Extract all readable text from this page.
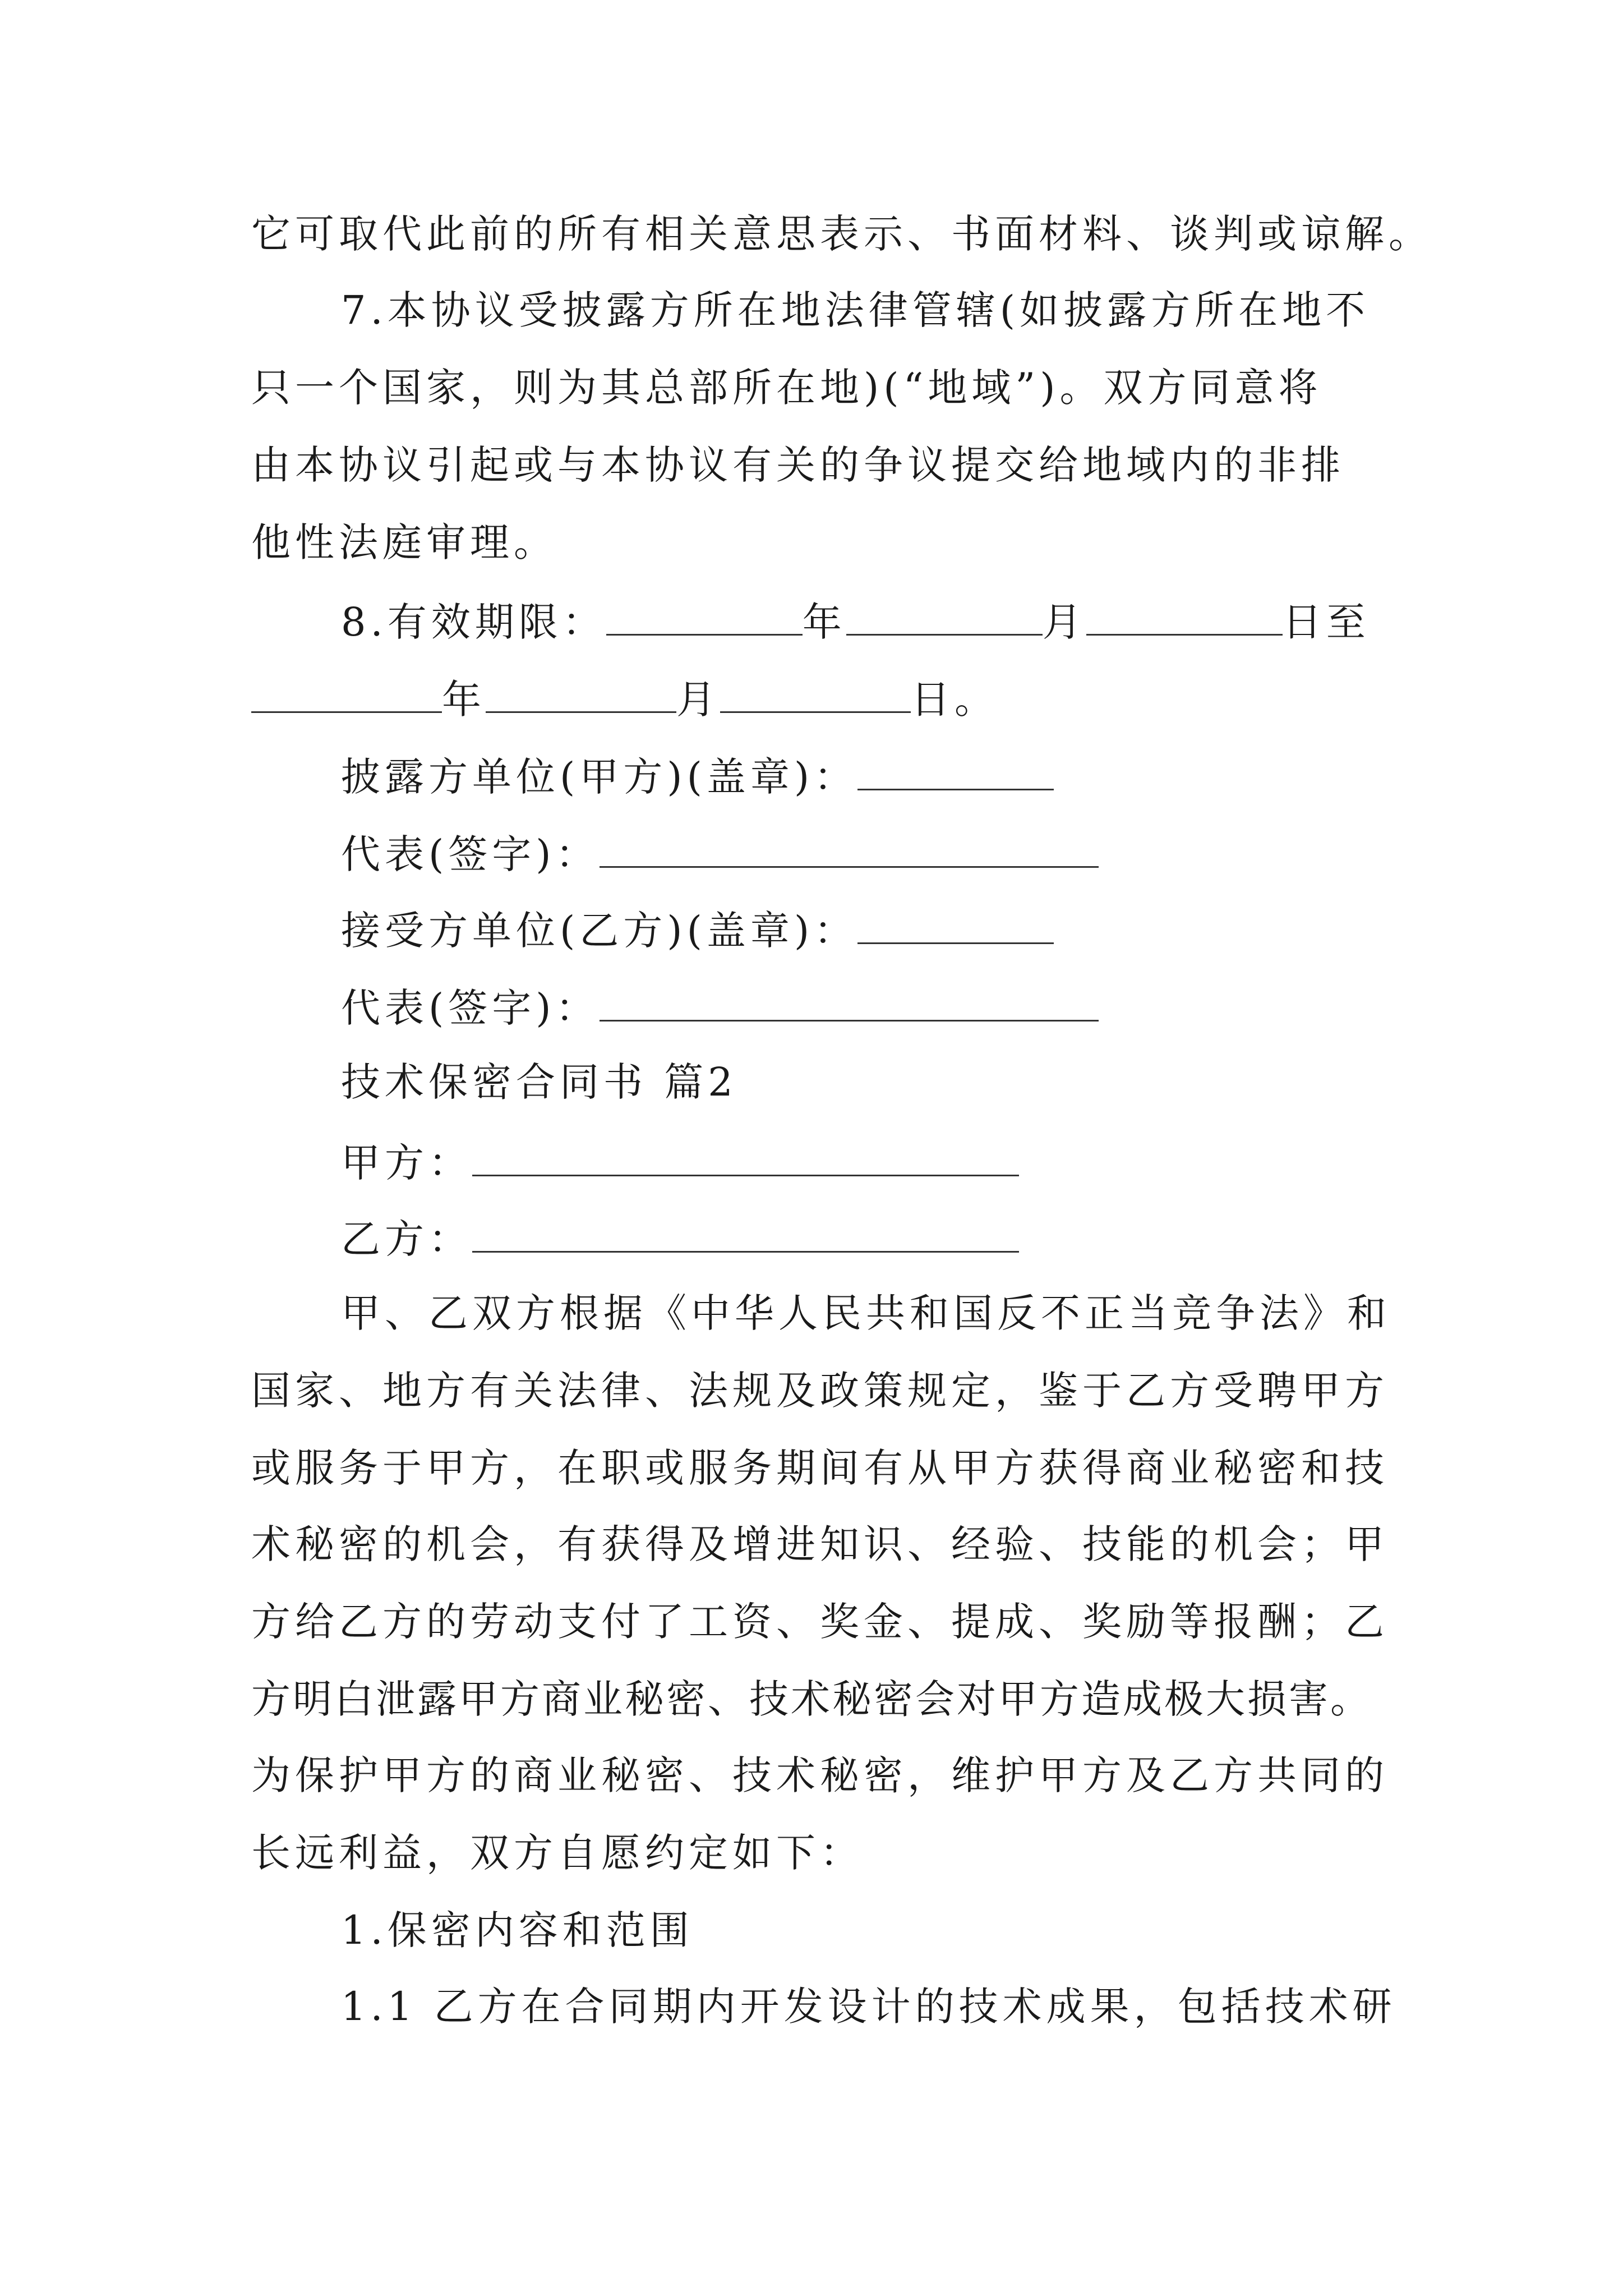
它可取代此前的所有相关意思表示、书面材料、谈判或谅解。
7.本协议受披露方所在地法律管辖(如披露方所在地不
只一个国家，则为其总部所在地)(“地域”)。双方同意将
由本协议引起或与本协议有关的争议提交给地域内的非排
他性法庭审理。
8.有效期限：	年	月	日至
年	月	日。
披露方单位(甲方)(盖章)：
代表(签字)：
接受方单位(乙方)(盖章)：
代表(签字)：
技术保密合同书 篇2
甲方：
乙方：
甲、乙双方根据《中华人民共和国反不正当竞争法》和
国家、地方有关法律、法规及政策规定，鉴于乙方受聘甲方
或服务于甲方，在职或服务期间有从甲方获得商业秘密和技
术秘密的机会，有获得及增进知识、经验、技能的机会；甲
方给乙方的劳动支付了工资、奖金、提成、奖励等报酬；乙
方明白泄露甲方商业秘密、技术秘密会对甲方造成极大损害。
为保护甲方的商业秘密、技术秘密，维护甲方及乙方共同的
长远利益，双方自愿约定如下：
1.保密内容和范围
1.1 乙方在合同期内开发设计的技术成果，包括技术研
